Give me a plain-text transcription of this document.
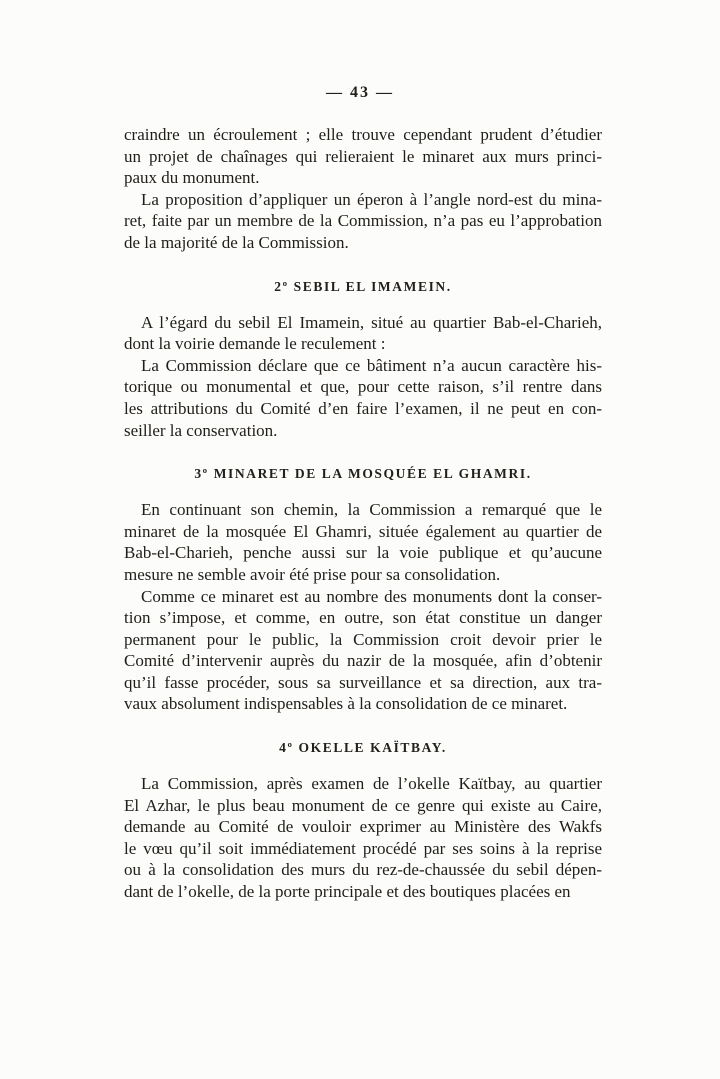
— 43 —
craindre un écroulement ; elle trouve cependant prudent d’étudier
un projet de chaînages qui relieraient le minaret aux murs princi-
paux du monument.
La proposition d’appliquer un éperon à l’angle nord-est du mina-
ret, faite par un membre de la Commission, n’a pas eu l’approbation
de la majorité de la Commission.
2º SEBIL EL IMAMEIN.
A l’égard du sebil El Imamein, situé au quartier Bab-el-Charieh,
dont la voirie demande le reculement :
La Commission déclare que ce bâtiment n’a aucun caractère his-
torique ou monumental et que, pour cette raison, s’il rentre dans
les attributions du Comité d’en faire l’examen, il ne peut en con-
seiller la conservation.
3º MINARET DE LA MOSQUÉE EL GHAMRI.
En continuant son chemin, la Commission a remarqué que le
minaret de la mosquée El Ghamri, située également au quartier de
Bab-el-Charieh, penche aussi sur la voie publique et qu’aucune
mesure ne semble avoir été prise pour sa consolidation.
Comme ce minaret est au nombre des monuments dont la conser-
tion s’impose, et comme, en outre, son état constitue un danger
permanent pour le public, la Commission croit devoir prier le
Comité d’intervenir auprès du nazir de la mosquée, afin d’obtenir
qu’il fasse procéder, sous sa surveillance et sa direction, aux tra-
vaux absolument indispensables à la consolidation de ce minaret.
4º OKELLE KAÏTBAY.
La Commission, après examen de l’okelle Kaïtbay, au quartier
El Azhar, le plus beau monument de ce genre qui existe au Caire,
demande au Comité de vouloir exprimer au Ministère des Wakfs
le vœu qu’il soit immédiatement procédé par ses soins à la reprise
ou à la consolidation des murs du rez-de-chaussée du sebil dépen-
dant de l’okelle, de la porte principale et des boutiques placées en
